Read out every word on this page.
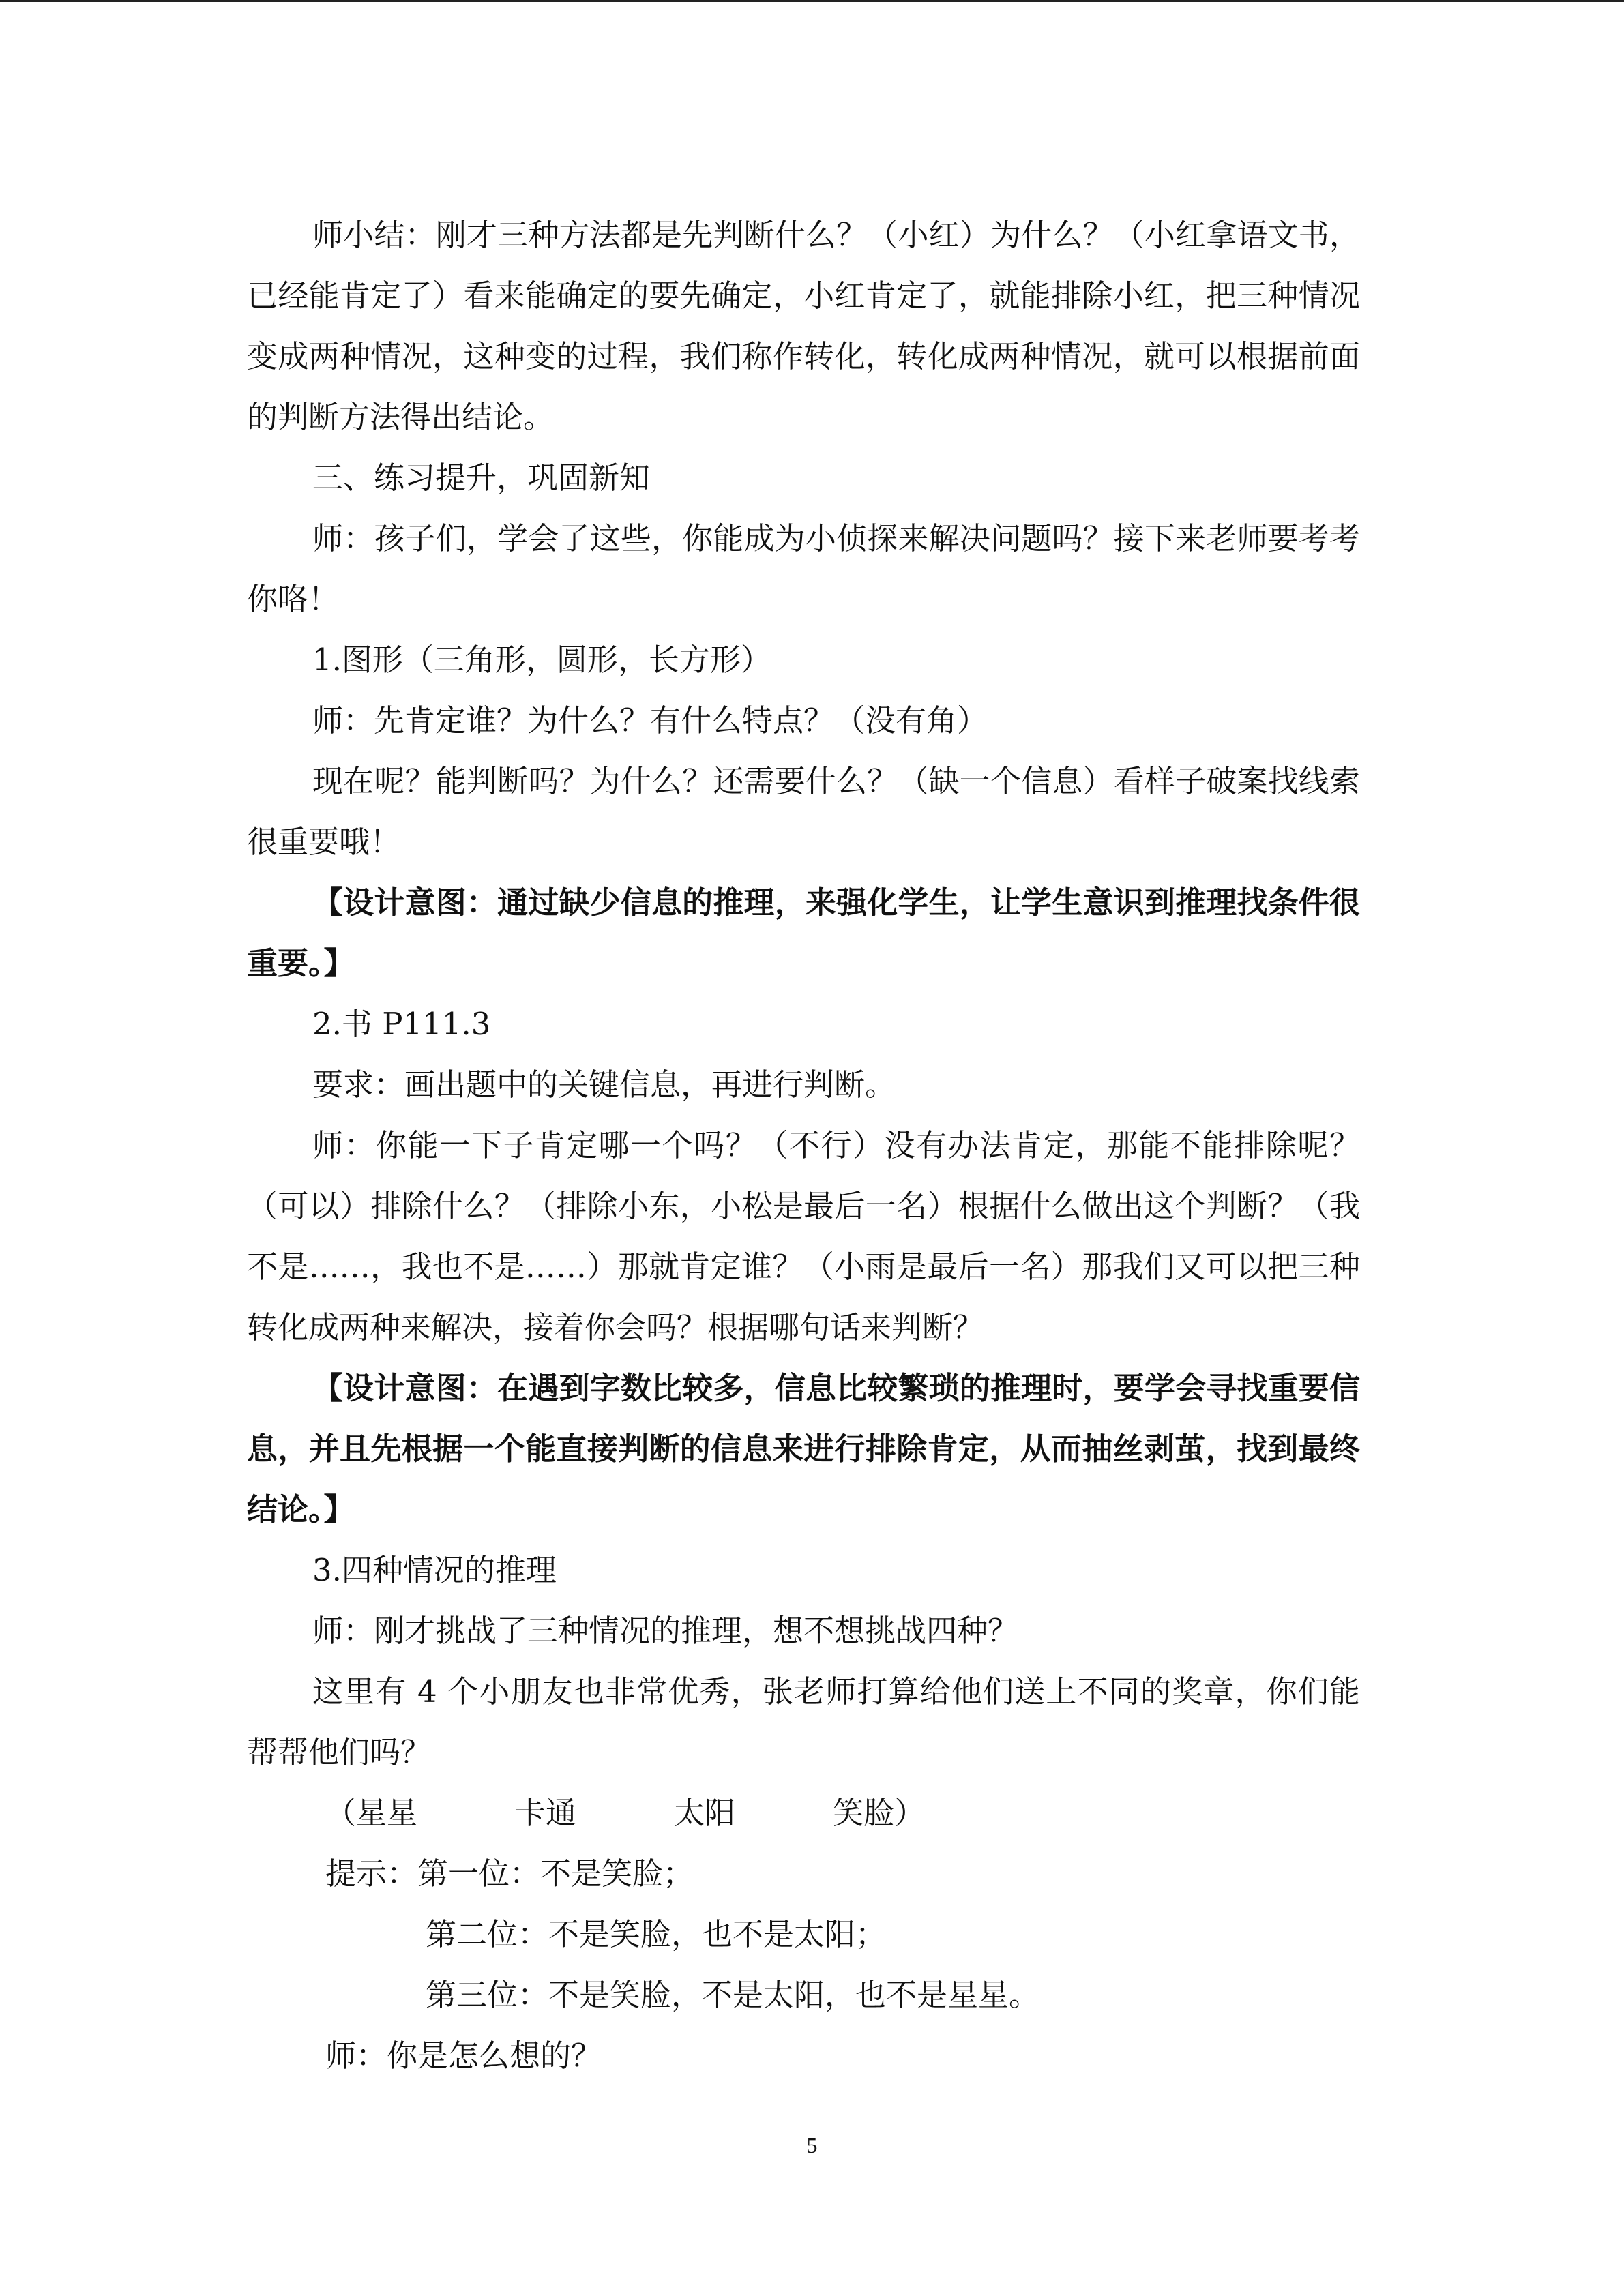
师小结：刚才三种方法都是先判断什么？（小红）为什么？（小红拿语文书，已经能肯定了）看来能确定的要先确定，小红肯定了，就能排除小红，把三种情况变成两种情况，这种变的过程，我们称作转化，转化成两种情况，就可以根据前面的判断方法得出结论。

三、练习提升，巩固新知

师：孩子们，学会了这些，你能成为小侦探来解决问题吗？接下来老师要考考你咯！

1.图形（三角形，圆形，长方形）

师：先肯定谁？为什么？有什么特点？（没有角）

现在呢？能判断吗？为什么？还需要什么？（缺一个信息）看样子破案找线索很重要哦！

【设计意图：通过缺少信息的推理，来强化学生，让学生意识到推理找条件很重要。】

2.书 P111.3

要求：画出题中的关键信息，再进行判断。

师：你能一下子肯定哪一个吗？（不行）没有办法肯定，那能不能排除呢？（可以）排除什么？（排除小东，小松是最后一名）根据什么做出这个判断？（我不是……，我也不是……）那就肯定谁？（小雨是最后一名）那我们又可以把三种转化成两种来解决，接着你会吗？根据哪句话来判断？

【设计意图：在遇到字数比较多，信息比较繁琐的推理时，要学会寻找重要信息，并且先根据一个能直接判断的信息来进行排除肯定，从而抽丝剥茧，找到最终结论。】

3.四种情况的推理

师：刚才挑战了三种情况的推理，想不想挑战四种？

这里有 4 个小朋友也非常优秀，张老师打算给他们送上不同的奖章，你们能帮帮他们吗？

（星星          卡通          太阳          笑脸）

提示：第一位：不是笑脸；

第二位：不是笑脸，也不是太阳；

第三位：不是笑脸，不是太阳，也不是星星。

师：你是怎么想的？

5
